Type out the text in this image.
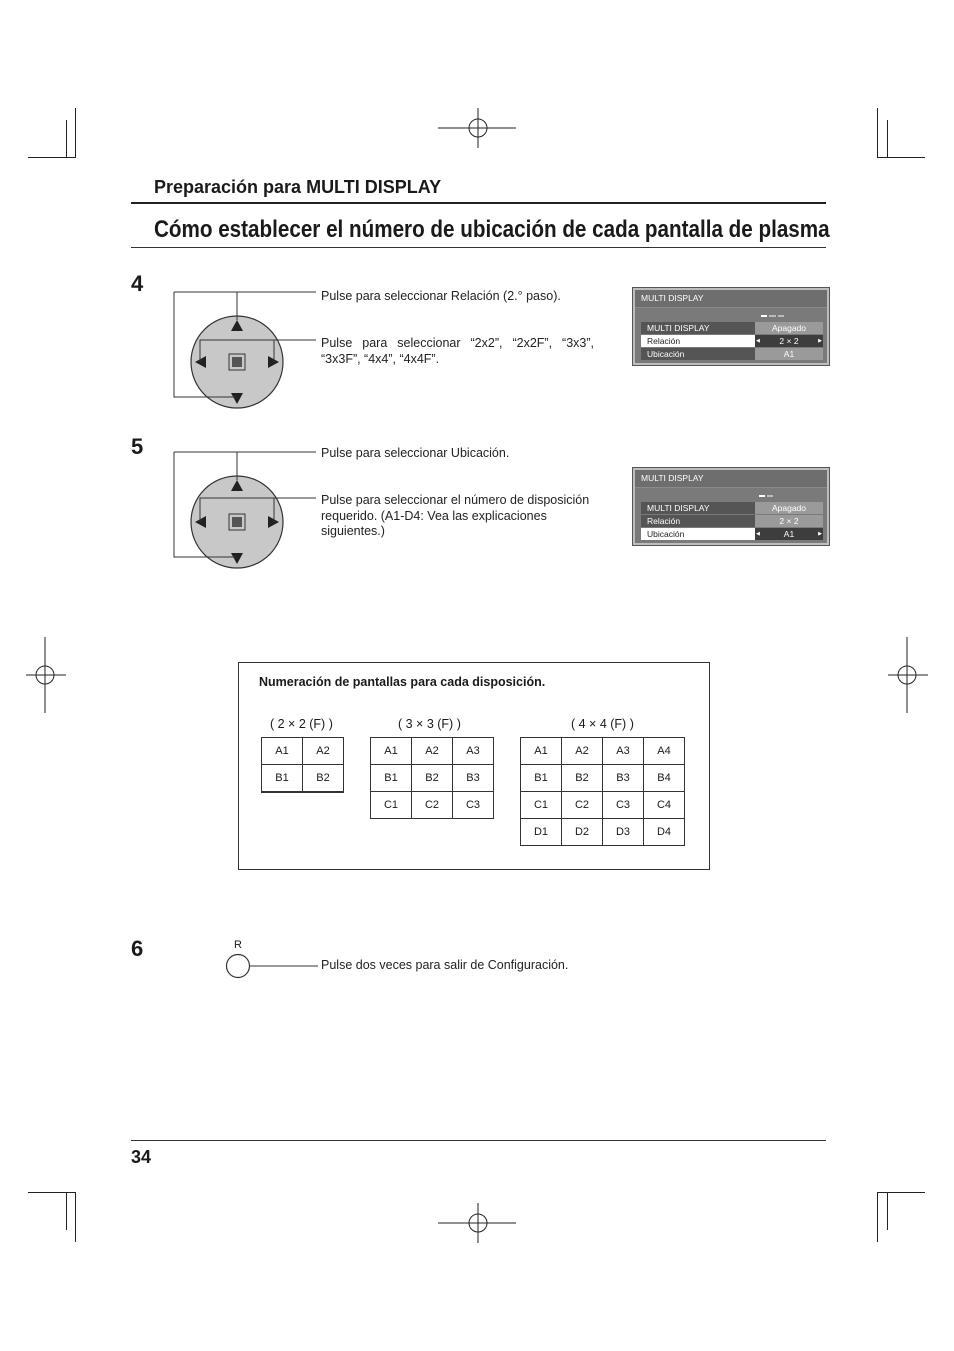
Preparación para MULTI DISPLAY
Cómo establecer el número de ubicación de cada pantalla de plasma
4	Pulse para seleccionar Relación (2.° paso).
Pulse para seleccionar “2x2”, “2x2F”, “3x3”, “3x3F”, “4x4”, “4x4F”.
MULTI DISPLAY
MULTI DISPLAY	Apagado
Relación	◀ 2 × 2 ▶
Ubicación	A1
5	Pulse para seleccionar Ubicación.
Pulse para seleccionar el número de disposición requerido. (A1-D4: Vea las explicaciones siguientes.)
MULTI DISPLAY
MULTI DISPLAY	Apagado
Relación	2 × 2
Ubicación	◀ A1 ▶
Numeración de pantallas para cada disposición.
( 2 × 2 (F) )
A1	A2
B1	B2
( 3 × 3 (F) )
A1	A2	A3
B1	B2	B3
C1	C2	C3
( 4 × 4 (F) )
A1	A2	A3	A4
B1	B2	B3	B4
C1	C2	C3	C4
D1	D2	D3	D4
6	R
Pulse dos veces para salir de Configuración.
34
